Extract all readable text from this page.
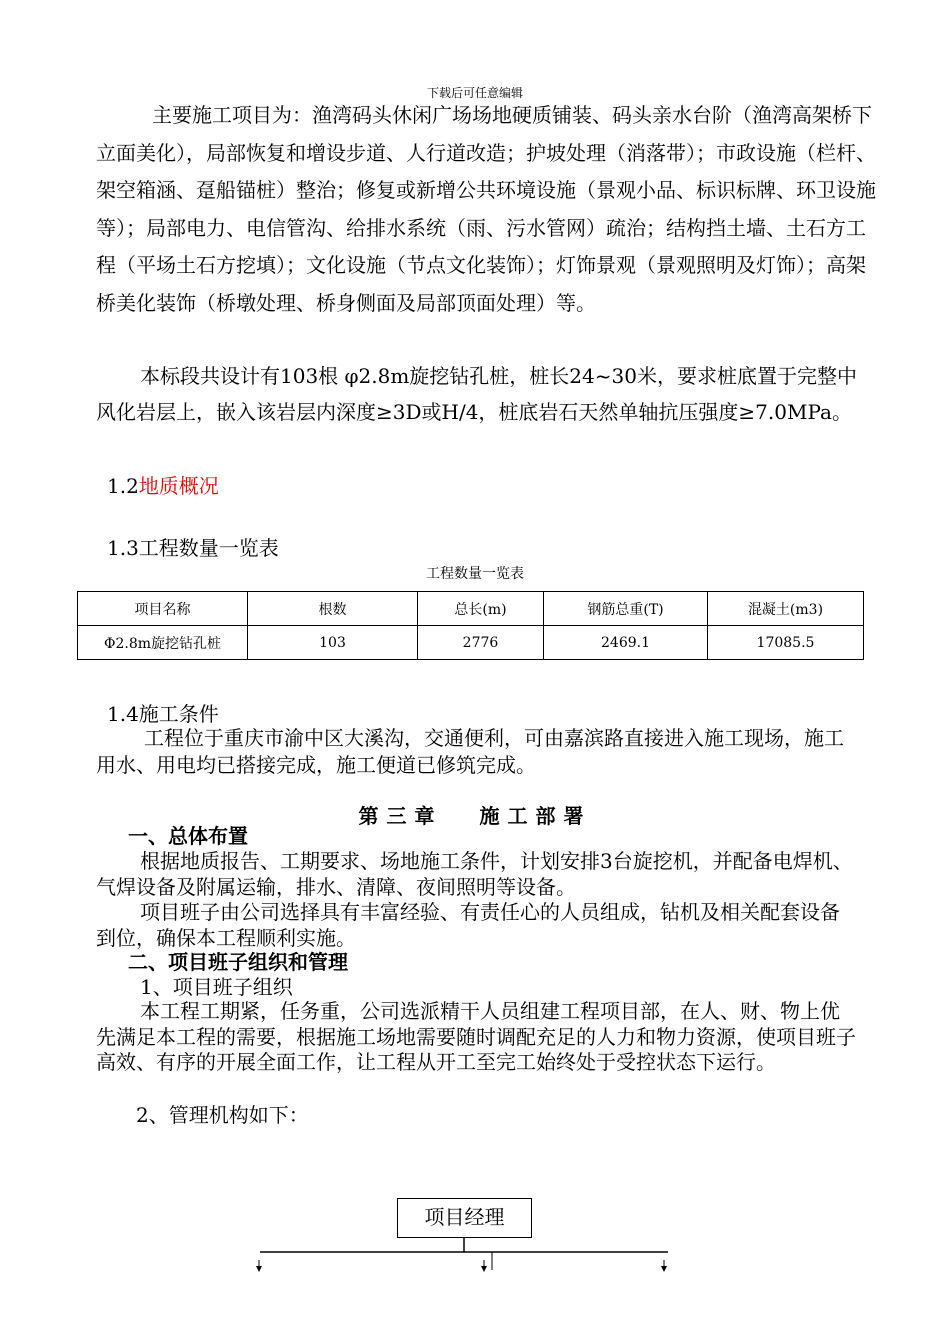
下载后可任意编辑

主要施工项目为：渔湾码头休闲广场场地硬质铺装、码头亲水台阶（渔湾高架桥下立面美化），局部恢复和增设步道、人行道改造；护坡处理（消落带）；市政设施（栏杆、架空箱涵、趸船锚桩）整治；修复或新增公共环境设施（景观小品、标识标牌、环卫设施等）；局部电力、电信管沟、给排水系统（雨、污水管网）疏治；结构挡土墙、土石方工程（平场土石方挖填）；文化设施（节点文化装饰）；灯饰景观（景观照明及灯饰）；高架桥美化装饰（桥墩处理、桥身侧面及局部顶面处理）等。

本标段共设计有103根 φ2.8m旋挖钻孔桩，桩长24~30米，要求桩底置于完整中风化岩层上，嵌入该岩层内深度≥3D或H/4，桩底岩石天然单轴抗压强度≥7.0MPa。

1.2地质概况
1.3工程数量一览表
工程数量一览表
项目名称	根数	总长(m)	钢筋总重(T)	混凝土(m3)
Φ2.8m旋挖钻孔桩	103	2776	2469.1	17085.5
1.4施工条件

工程位于重庆市渝中区大溪沟，交通便利，可由嘉滨路直接进入施工现场，施工用水、用电均已搭接完成，施工便道已修筑完成。

第三章 施工部署
一、总体布置

根据地质报告、工期要求、场地施工条件，计划安排3台旋挖机，并配备电焊机、气焊设备及附属运输，排水、清障、夜间照明等设备。

项目班子由公司选择具有丰富经验、有责任心的人员组成，钻机及相关配套设备到位，确保本工程顺利实施。

二、项目班子组织和管理
1、项目班子组织

本工程工期紧，任务重，公司选派精干人员组建工程项目部，在人、财、物上优先满足本工程的需要，根据施工场地需要随时调配充足的人力和物力资源，使项目班子高效、有序的开展全面工作，让工程从开工至完工始终处于受控状态下运行。

2、管理机构如下：
项目经理
